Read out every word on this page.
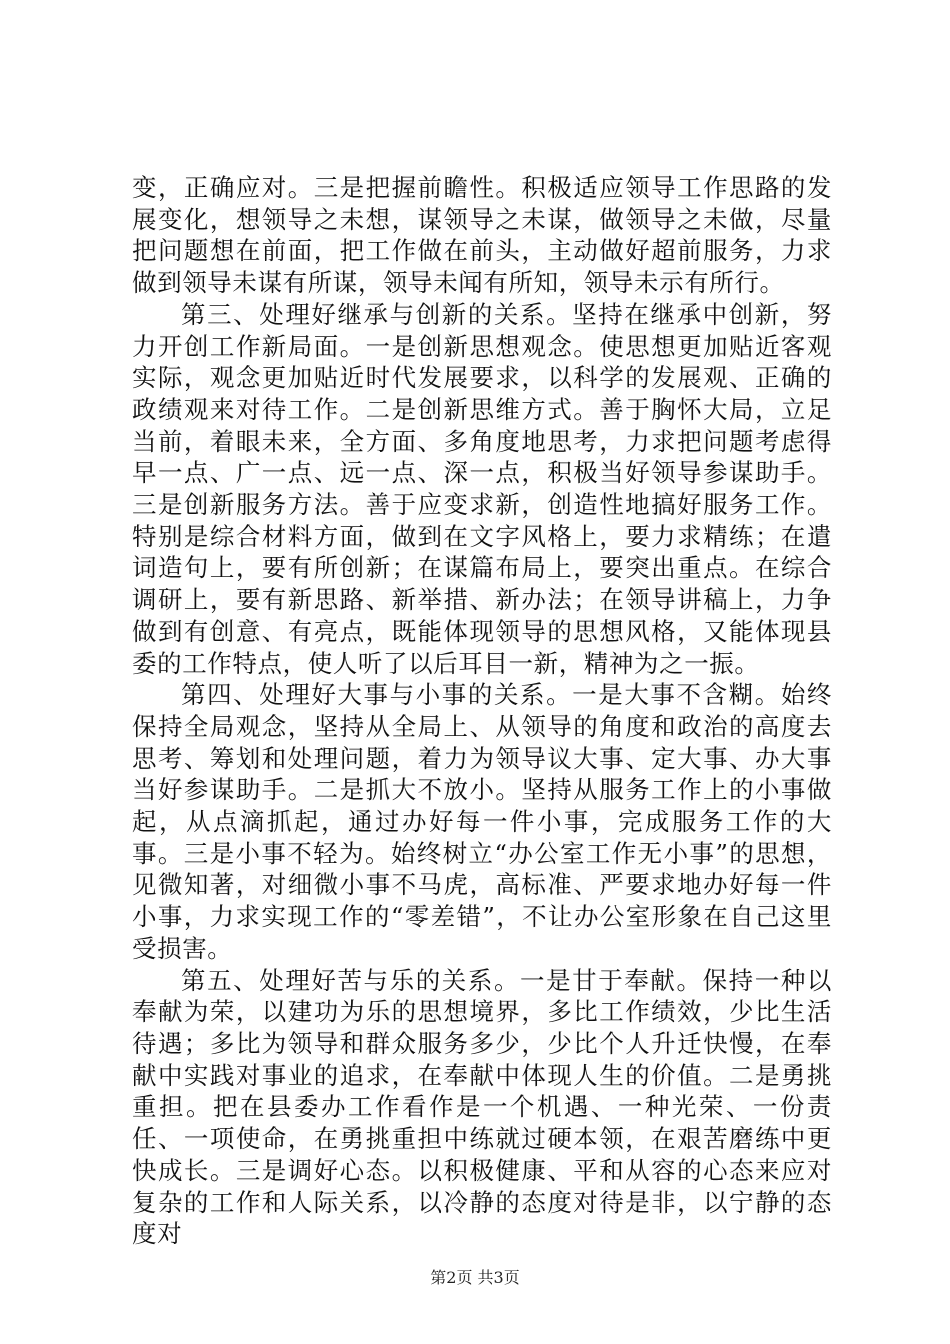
变，正确应对。三是把握前瞻性。积极适应领导工作思路的发展变化，想领导之未想，谋领导之未谋，做领导之未做，尽量把问题想在前面，把工作做在前头，主动做好超前服务，力求做到领导未谋有所谋，领导未闻有所知，领导未示有所行。

第三、处理好继承与创新的关系。坚持在继承中创新，努力开创工作新局面。一是创新思想观念。使思想更加贴近客观实际，观念更加贴近时代发展要求，以科学的发展观、正确的政绩观来对待工作。二是创新思维方式。善于胸怀大局，立足当前，着眼未来，全方面、多角度地思考，力求把问题考虑得早一点、广一点、远一点、深一点，积极当好领导参谋助手。三是创新服务方法。善于应变求新，创造性地搞好服务工作。特别是综合材料方面，做到在文字风格上，要力求精练；在遣词造句上，要有所创新；在谋篇布局上，要突出重点。在综合调研上，要有新思路、新举措、新办法；在领导讲稿上，力争做到有创意、有亮点，既能体现领导的思想风格，又能体现县委的工作特点，使人听了以后耳目一新，精神为之一振。

第四、处理好大事与小事的关系。一是大事不含糊。始终保持全局观念，坚持从全局上、从领导的角度和政治的高度去思考、筹划和处理问题，着力为领导议大事、定大事、办大事当好参谋助手。二是抓大不放小。坚持从服务工作上的小事做起，从点滴抓起，通过办好每一件小事，完成服务工作的大事。三是小事不轻为。始终树立“办公室工作无小事”的思想，见微知著，对细微小事不马虎，高标准、严要求地办好每一件小事，力求实现工作的“零差错”，不让办公室形象在自己这里受损害。

第五、处理好苦与乐的关系。一是甘于奉献。保持一种以奉献为荣，以建功为乐的思想境界，多比工作绩效，少比生活待遇；多比为领导和群众服务多少，少比个人升迁快慢，在奉献中实践对事业的追求，在奉献中体现人生的价值。二是勇挑重担。把在县委办工作看作是一个机遇、一种光荣、一份责任、一项使命，在勇挑重担中练就过硬本领，在艰苦磨练中更快成长。三是调好心态。以积极健康、平和从容的心态来应对复杂的工作和人际关系，以冷静的态度对待是非，以宁静的态度对

第2页 共3页
